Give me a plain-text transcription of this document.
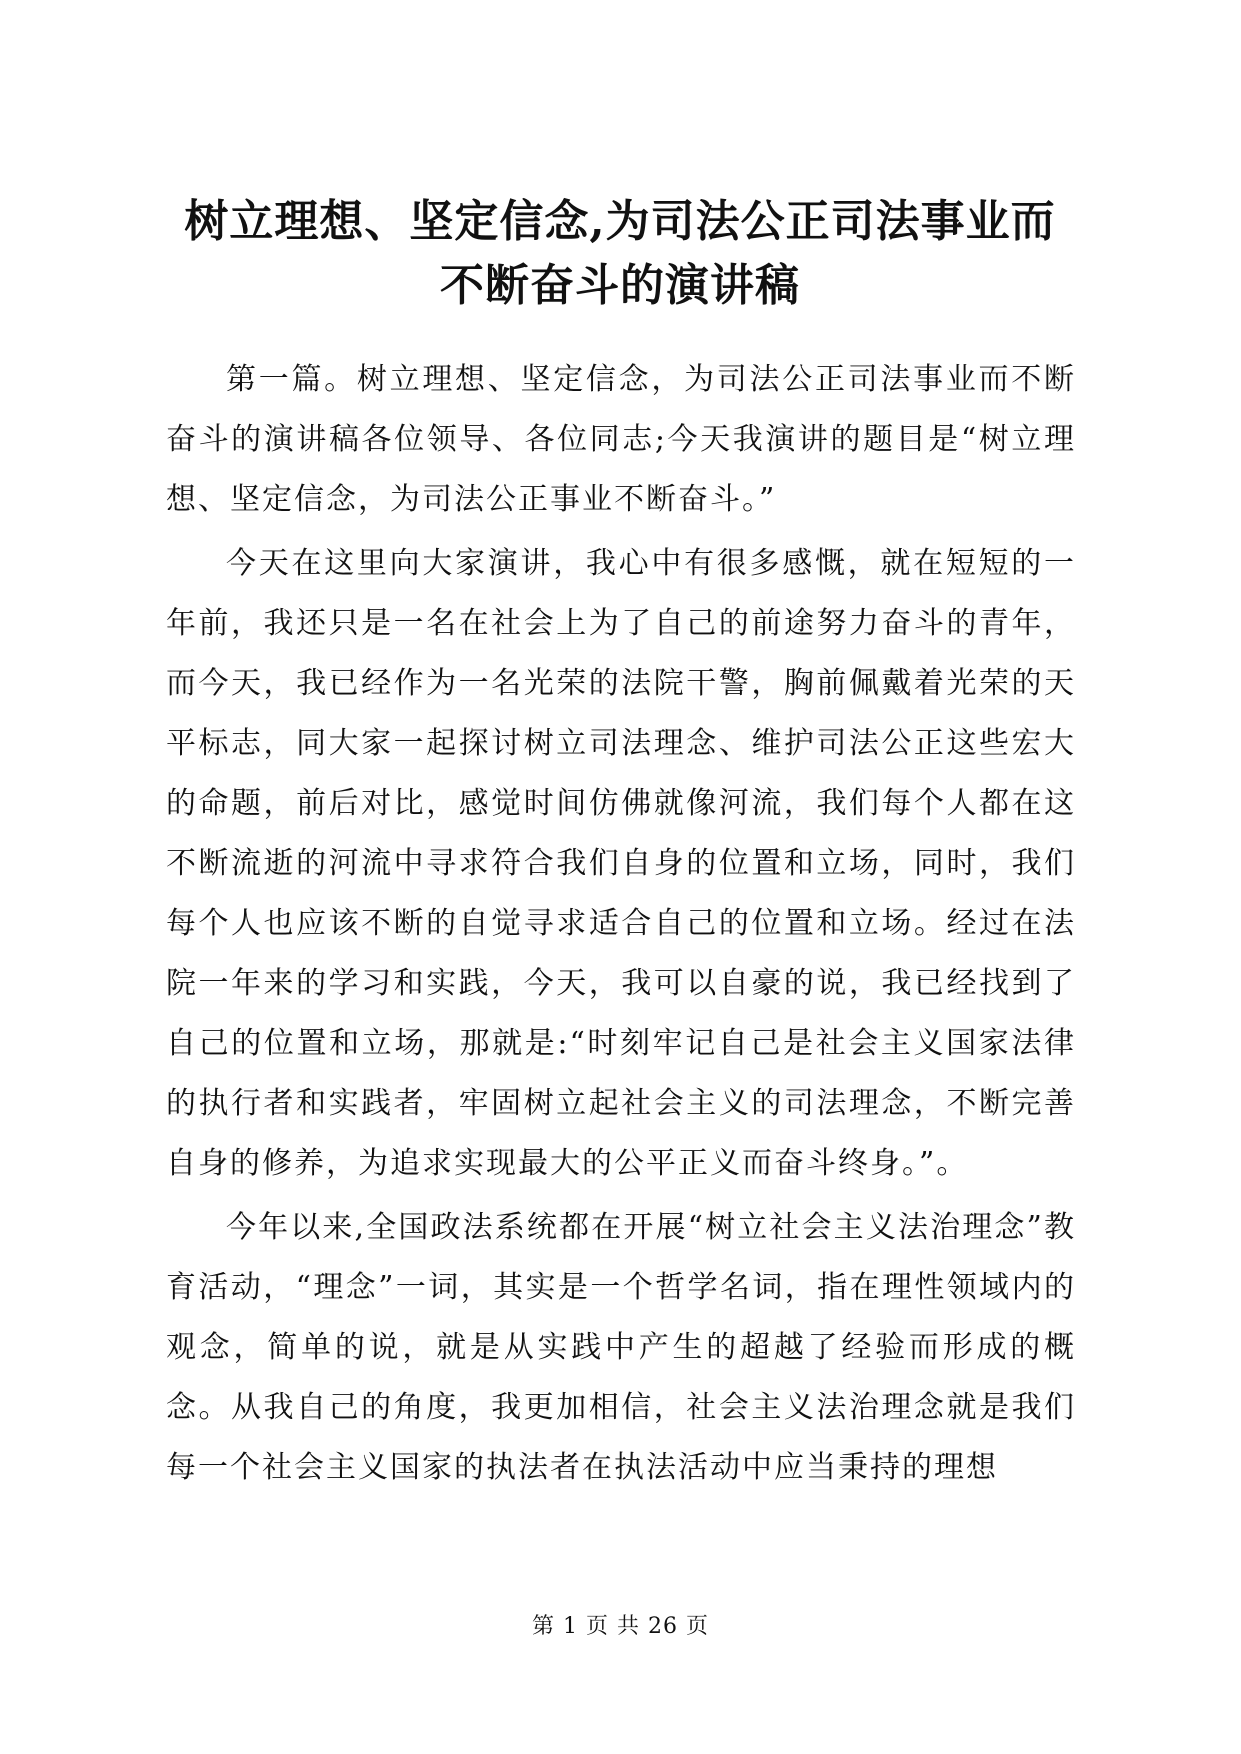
树立理想、坚定信念,为司法公正司法事业而
不断奋斗的演讲稿

第一篇。树立理想、坚定信念，为司法公正司法事业而不断奋斗的演讲稿各位领导、各位同志;今天我演讲的题目是“树立理想、坚定信念，为司法公正事业不断奋斗。”

今天在这里向大家演讲，我心中有很多感慨，就在短短的一年前，我还只是一名在社会上为了自己的前途努力奋斗的青年，而今天，我已经作为一名光荣的法院干警，胸前佩戴着光荣的天平标志，同大家一起探讨树立司法理念、维护司法公正这些宏大的命题，前后对比，感觉时间仿佛就像河流，我们每个人都在这不断流逝的河流中寻求符合我们自身的位置和立场，同时，我们每个人也应该不断的自觉寻求适合自己的位置和立场。经过在法院一年来的学习和实践，今天，我可以自豪的说，我已经找到了自己的位置和立场，那就是:“时刻牢记自己是社会主义国家法律的执行者和实践者，牢固树立起社会主义的司法理念，不断完善自身的修养，为追求实现最大的公平正义而奋斗终身。”。

今年以来,全国政法系统都在开展“树立社会主义法治理念”教育活动，“理念”一词，其实是一个哲学名词，指在理性领域内的观念，简单的说，就是从实践中产生的超越了经验而形成的概念。从我自己的角度，我更加相信，社会主义法治理念就是我们每一个社会主义国家的执法者在执法活动中应当秉持的理想

第 1 页 共 26 页
